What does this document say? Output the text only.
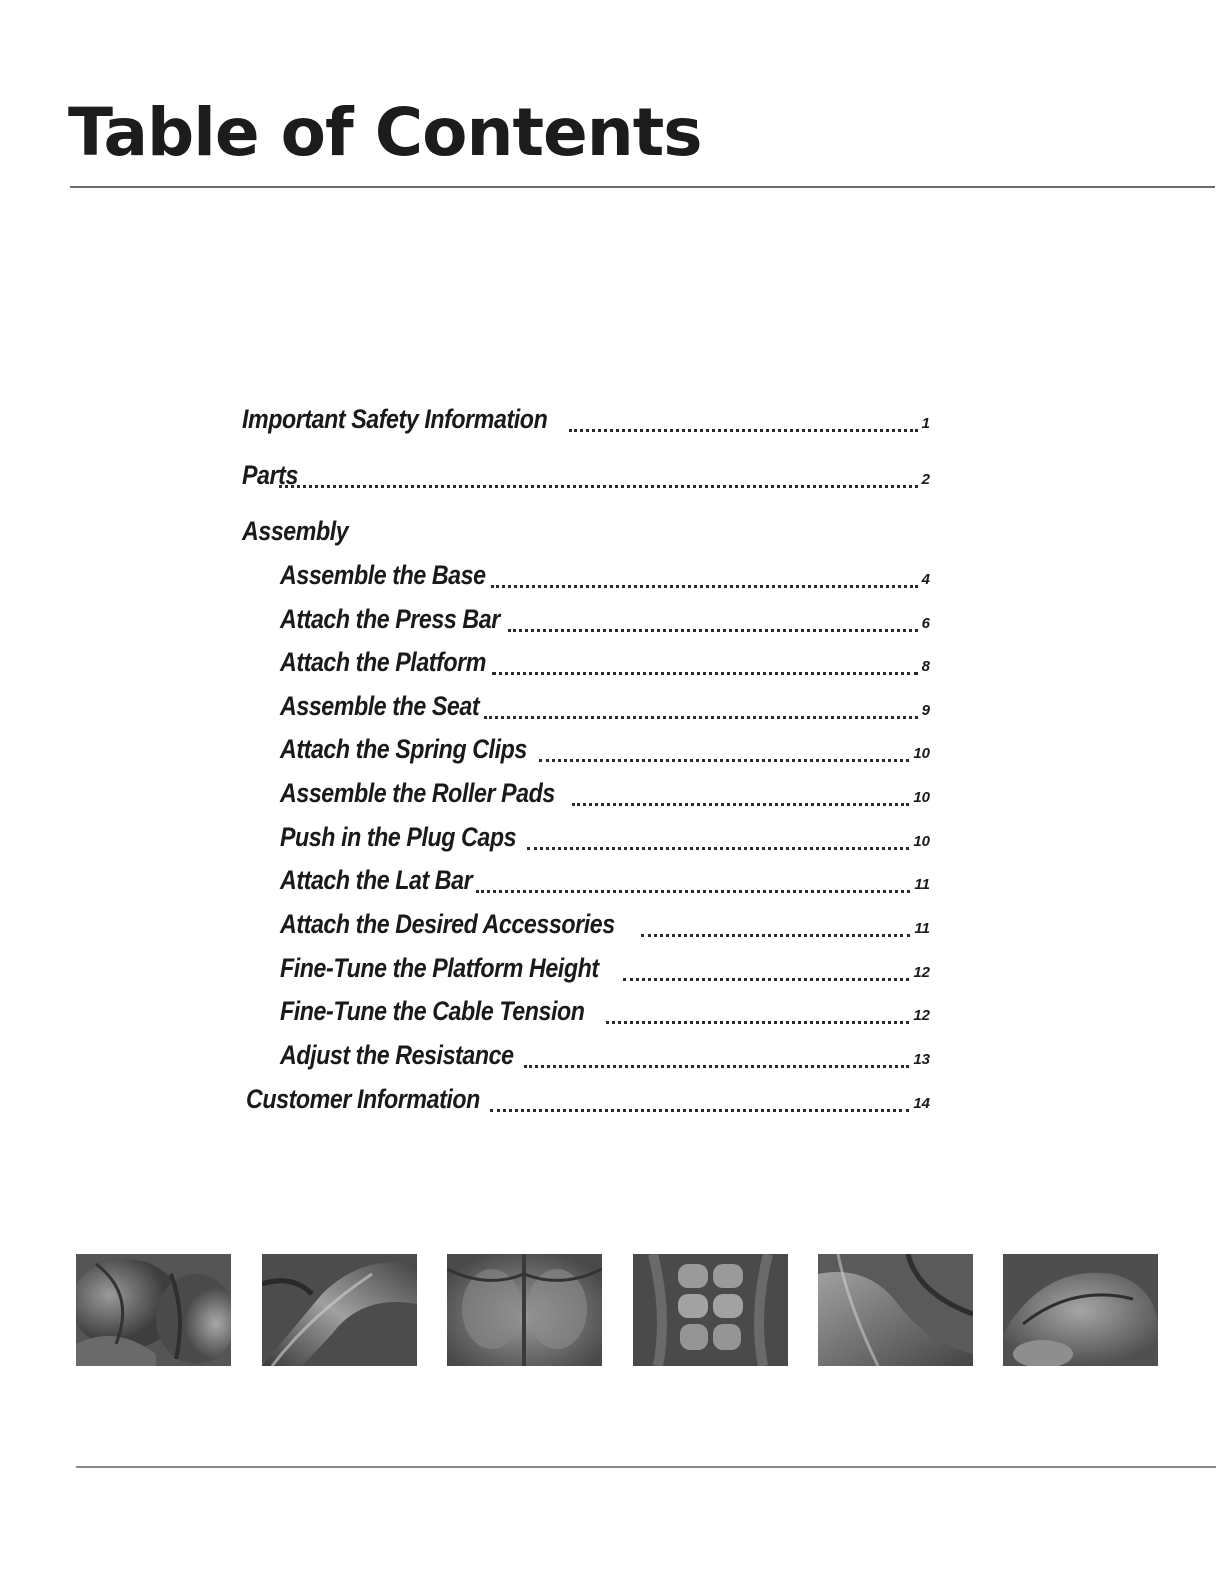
Table of Contents
Important Safety Information	1
Parts	2
Assembly
Assemble the Base	4
Attach the Press Bar	6
Attach the Platform	8
Assemble the Seat	9
Attach the Spring Clips	10
Assemble the Roller Pads	10
Push in the Plug Caps	10
Attach the Lat Bar	11
Attach the Desired Accessories	11
Fine-Tune the Platform Height	12
Fine-Tune the Cable Tension	12
Adjust the Resistance	13
Customer Information	14
